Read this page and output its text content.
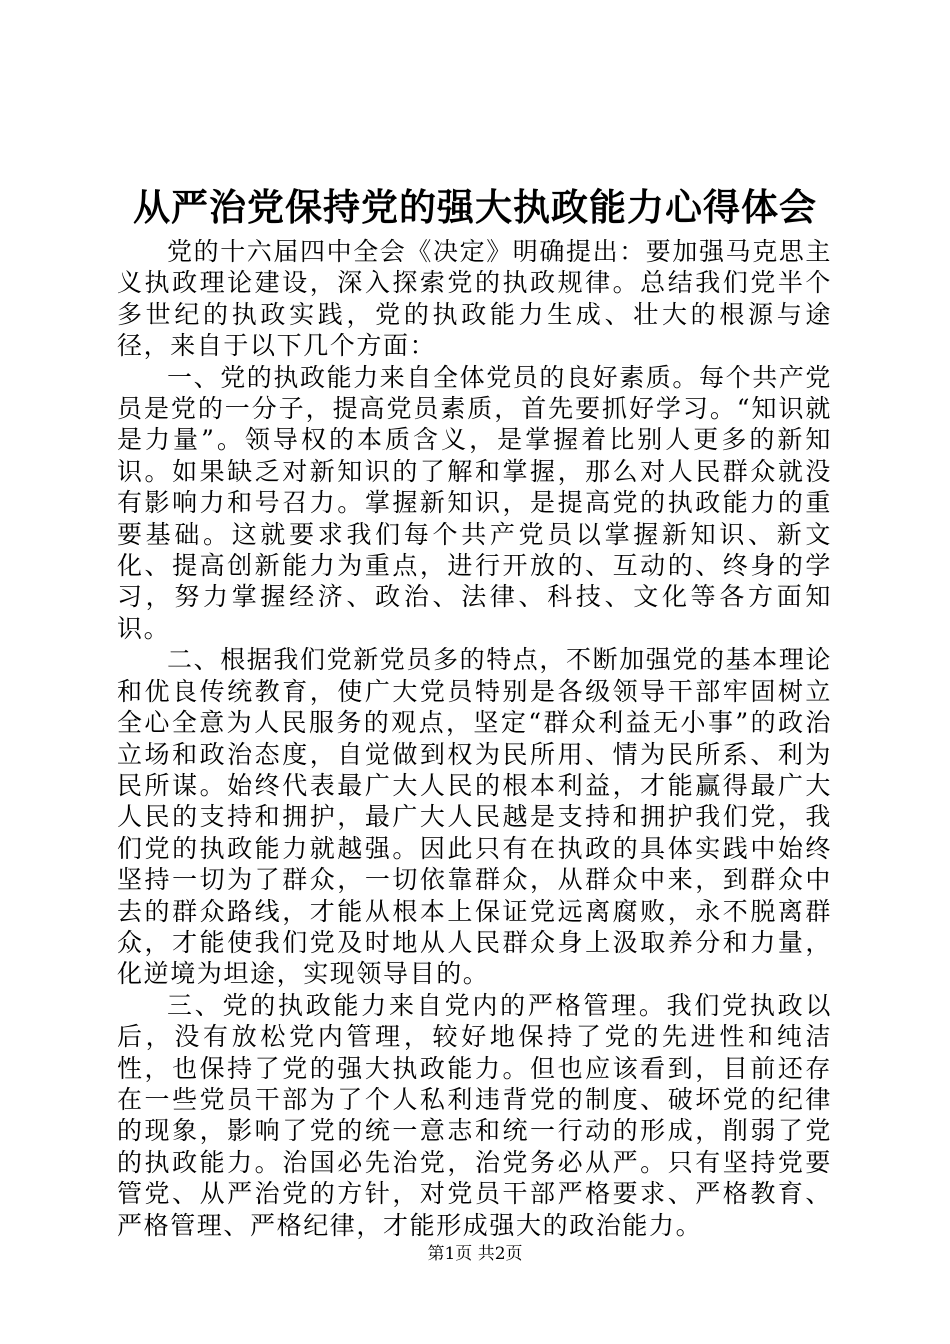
从严治党保持党的强大执政能力心得体会

党的十六届四中全会《决定》明确提出：要加强马克思主义执政理论建设，深入探索党的执政规律。总结我们党半个多世纪的执政实践，党的执政能力生成、壮大的根源与途径，来自于以下几个方面：

一、党的执政能力来自全体党员的良好素质。每个共产党员是党的一分子，提高党员素质，首先要抓好学习。“知识就是力量”。领导权的本质含义，是掌握着比别人更多的新知识。如果缺乏对新知识的了解和掌握，那么对人民群众就没有影响力和号召力。掌握新知识，是提高党的执政能力的重要基础。这就要求我们每个共产党员以掌握新知识、新文化、提高创新能力为重点，进行开放的、互动的、终身的学习，努力掌握经济、政治、法律、科技、文化等各方面知识。

二、根据我们党新党员多的特点，不断加强党的基本理论和优良传统教育，使广大党员特别是各级领导干部牢固树立全心全意为人民服务的观点，坚定“群众利益无小事”的政治立场和政治态度，自觉做到权为民所用、情为民所系、利为民所谋。始终代表最广大人民的根本利益，才能赢得最广大人民的支持和拥护，最广大人民越是支持和拥护我们党，我们党的执政能力就越强。因此只有在执政的具体实践中始终坚持一切为了群众，一切依靠群众，从群众中来，到群众中去的群众路线，才能从根本上保证党远离腐败，永不脱离群众，才能使我们党及时地从人民群众身上汲取养分和力量，化逆境为坦途，实现领导目的。

三、党的执政能力来自党内的严格管理。我们党执政以后，没有放松党内管理，较好地保持了党的先进性和纯洁性，也保持了党的强大执政能力。但也应该看到，目前还存在一些党员干部为了个人私利违背党的制度、破坏党的纪律的现象，影响了党的统一意志和统一行动的形成，削弱了党的执政能力。治国必先治党，治党务必从严。只有坚持党要管党、从严治党的方针，对党员干部严格要求、严格教育、严格管理、严格纪律，才能形成强大的政治能力。

第1页 共2页
